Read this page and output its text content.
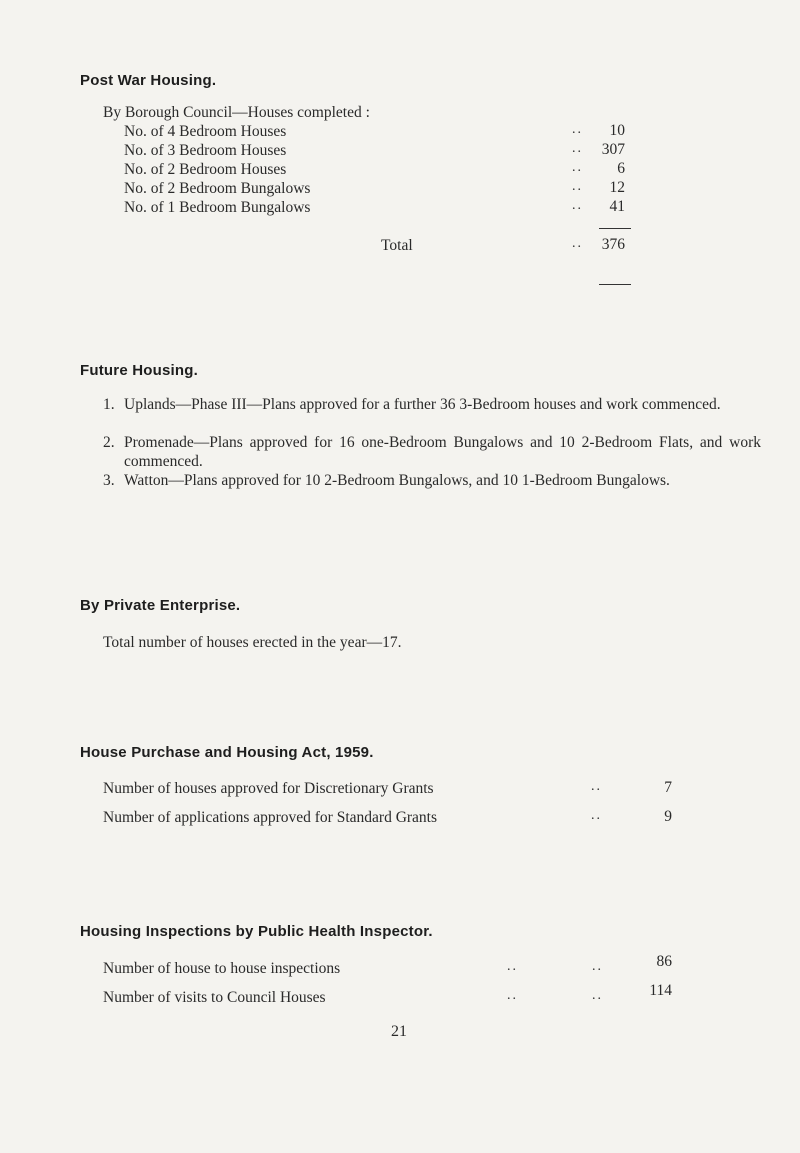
Post War Housing.
By Borough Council—Houses completed :
No. of 4 Bedroom Houses	.. 10
No. of 3 Bedroom Houses	.. 307
No. of 2 Bedroom Houses	.. 6
No. of 2 Bedroom Bungalows	.. 12
No. of 1 Bedroom Bungalows	.. 41
Total	.. 376
Future Housing.
1. Uplands—Phase III—Plans approved for a further 36 3-Bedroom houses and work commenced.
2. Promenade—Plans approved for 16 one-Bedroom Bungalows and 10 2-Bedroom Flats, and work commenced.
3. Watton—Plans approved for 10 2-Bedroom Bungalows, and 10 1-Bedroom Bungalows.
By Private Enterprise.
Total number of houses erected in the year—17.
House Purchase and Housing Act, 1959.
Number of houses approved for Discretionary Grants	..	7
Number of applications approved for Standard Grants	..	9
Housing Inspections by Public Health Inspector.
Number of house to house inspections	..	..	86
Number of visits to Council Houses	..	..	114
21
